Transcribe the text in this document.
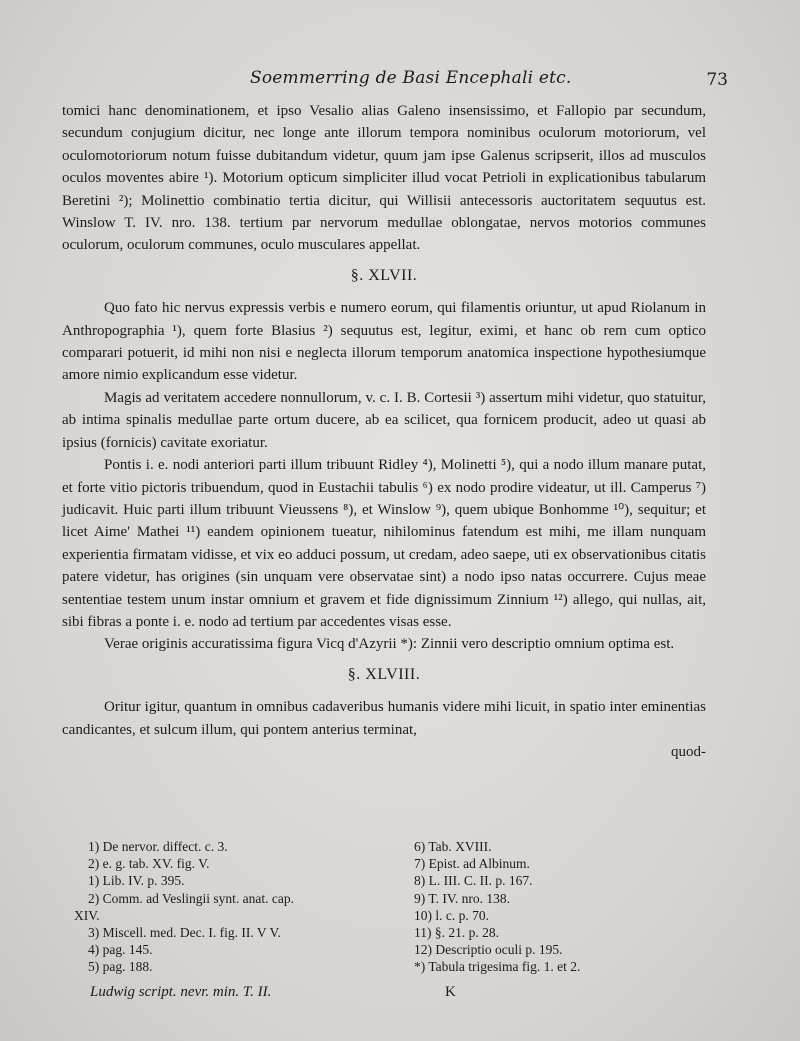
Soemmerring de Basi Encephali etc.	73

tomici hanc denominationem, et ipso Vesalio alias Galeno insensissimo, et Fallopio par secundum, secundum conjugium dicitur, nec longe ante illorum tempora nominibus oculorum motoriorum, vel oculomotoriorum notum fuisse dubitandum videtur, quum jam ipse Galenus scripserit, illos ad musculos oculos moventes abire ¹). Motorium opticum simpliciter illud vocat Petrioli in explicationibus tabularum Beretini ²); Molinettio combinatio tertia dicitur, qui Willisii antecessoris auctoritatem sequutus est. Winslow T. IV. nro. 138. tertium par nervorum medullae oblongatae, nervos motorios communes oculorum, oculorum communes, oculo musculares appellat.

§. XLVII.

Quo fato hic nervus expressis verbis e numero eorum, qui filamentis oriuntur, ut apud Riolanum in Anthropographia ¹), quem forte Blasius ²) sequutus est, legitur, eximi, et hanc ob rem cum optico comparari potuerit, id mihi non nisi e neglecta illorum temporum anatomica inspectione hypothesiumque amore nimio explicandum esse videtur.

Magis ad veritatem accedere nonnullorum, v. c. I. B. Cortesii ³) assertum mihi videtur, quo statuitur, ab intima spinalis medullae parte ortum ducere, ab ea scilicet, qua fornicem producit, adeo ut quasi ab ipsius (fornicis) cavitate exoriatur.

Pontis i. e. nodi anteriori parti illum tribuunt Ridley ⁴), Molinetti ⁵), qui a nodo illum manare putat, et forte vitio pictoris tribuendum, quod in Eustachii tabulis ⁶) ex nodo prodire videatur, ut ill. Camperus ⁷) judicavit. Huic parti illum tribuunt Vieussens ⁸), et Winslow ⁹), quem ubique Bonhomme ¹⁰), sequitur; et licet Aime' Mathei ¹¹) eandem opinionem tueatur, nihilominus fatendum est mihi, me illam nunquam experientia firmatam vidisse, et vix eo adduci possum, ut credam, adeo saepe, uti ex observationibus citatis patere videtur, has origines (sin unquam vere observatae sint) a nodo ipso natas occurrere. Cujus meae sententiae testem unum instar omnium et gravem et fide dignissimum Zinnium ¹²) allego, qui nullas, ait, sibi fibras a ponte i. e. nodo ad tertium par accedentes visas esse.

Verae originis accuratissima figura Vicq d'Azyrii *): Zinnii vero descriptio omnium optima est.

§. XLVIII.

Oritur igitur, quantum in omnibus cadaveribus humanis videre mihi licuit, in spatio inter eminentias candicantes, et sulcum illum, qui pontem anterius terminat,

quod-

1) De nervor. diffect. c. 3.
2) e. g. tab. XV. fig. V.
1) Lib. IV. p. 395.
2) Comm. ad Veslingii synt. anat. cap.
XIV.
3) Miscell. med. Dec. I. fig. II. V V.
4) pag. 145.
5) pag. 188.
6) Tab. XVIII.
7) Epist. ad Albinum.
8) L. III. C. II. p. 167.
9) T. IV. nro. 138.
10) l. c. p. 70.
11) §. 21. p. 28.
12) Descriptio oculi p. 195.
*) Tabula trigesima fig. 1. et 2.
Ludwig script. nevr. min. T. II.	K
